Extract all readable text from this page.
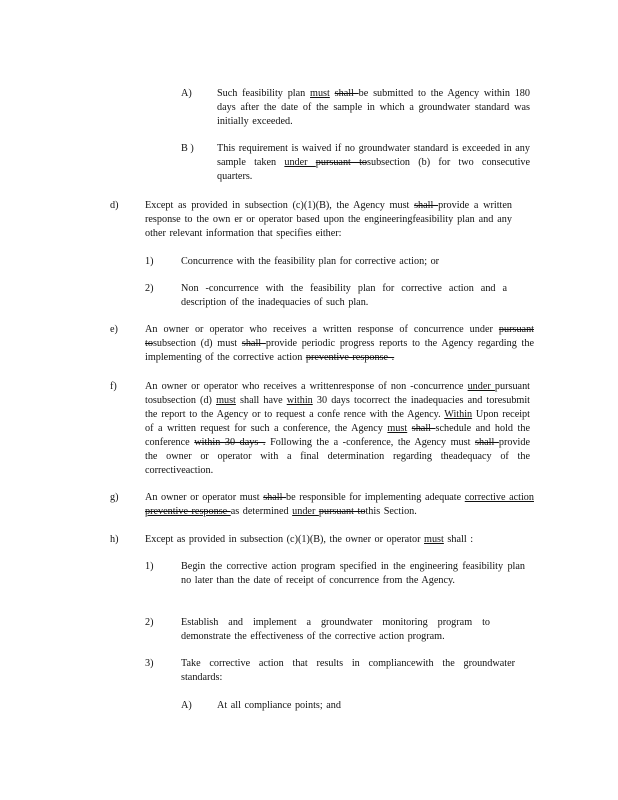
A) Such feasibility plan must shall be submitted to the Agency within 180 days after the date of the sample in which a groundwater standard was initially exceeded.
B ) This requirement is waived if no groundwater standard is exceeded in any sample taken under pursuant tosubsection (b) for two consecutive quarters.
d)	Except as provided in subsection (c)(1)(B), the Agency must shall provide a written response to the own er or operator based upon the engineeringfeasibility plan and any other relevant information that specifies either:
1)	Concurrence with the feasibility plan for corrective action; or
2)	Non -concurrence with the feasibility plan for corrective action and a description of the inadequacies of such plan.
e)	An owner or operator who receives a written response of concurrence under pursuant tosubsection (d) must shall provide periodic progress reports to the Agency regarding the implementing of the corrective action preventive response .
f)	An owner or operator who receives a writtenresponse of non -concurrence under pursuant tosubsection (d) must shall have within 30 days tocorrect the inadequacies and toresubmit the report to the Agency or to request a confe rence with the Agency. Within Upon receipt of a written request for such a conference, the Agency must shall schedule and hold the conference within 30 days . Following the a -conference, the Agency must shall provide the owner or operator with a final determination regarding theadequacy of the correctiveaction.
g)	An owner or operator must shall be responsible for implementing adequate corrective action preventive response as determined under pursuant tothis Section.
h)	Except as provided in subsection (c)(1)(B), the owner or operator must shall :
1)	Begin the corrective action program specified in the engineering feasibility plan no later than the date of receipt of concurrence from the Agency.
2)	Establish and implement a groundwater monitoring program to demonstrate the effectiveness of the corrective action program.
3)	Take corrective action that results in compliancewith the groundwater standards:
A) At all compliance points; and
